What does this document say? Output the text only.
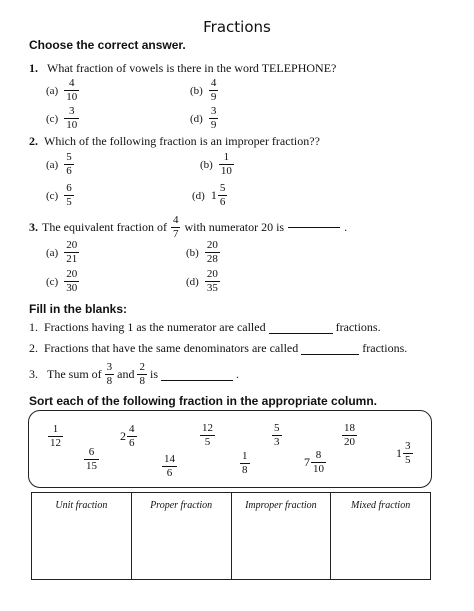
Fractions
Choose the correct answer.
1. What fraction of vowels is there in the word TELEPHONE?
$(a) \frac{4}{10}$	$(b) \frac{4}{9}$
$(c) \frac{3}{10}$	$(d) \frac{3}{9}$
2. Which of the following fraction is an improper fraction??
$(a) \frac{5}{6}$	$(b) \frac{1}{10}$
$(c) \frac{6}{5}$	(d) $1 \frac{5}{6}$
3. The equivalent fraction of $\frac{4}{7}$ with numerator 20 is	.
$(a) \frac{20}{21}$	$(b) \frac{20}{28}$
$(c) \frac{20}{30}$	$(d) \frac{20}{35}$
Fill in the blanks:
1.
Fractions having
1
as the numerator are called

	fractions.
2.
Fractions that have the same denominators are called

	fractions.
3.
The sum of $\frac{3}{8}$ and $\frac{2}{8}$ is	.
Sort each of the following fraction in the appropriate column.
1
12	$2 \frac{4}{6}$	12
5
5
3
18
20
6
15
14
6
1
8
$7 \frac{8}{10}$	$1 \frac{3}{5}$
Unit fraction	Proper fraction	Improper fraction	Mixed fraction
